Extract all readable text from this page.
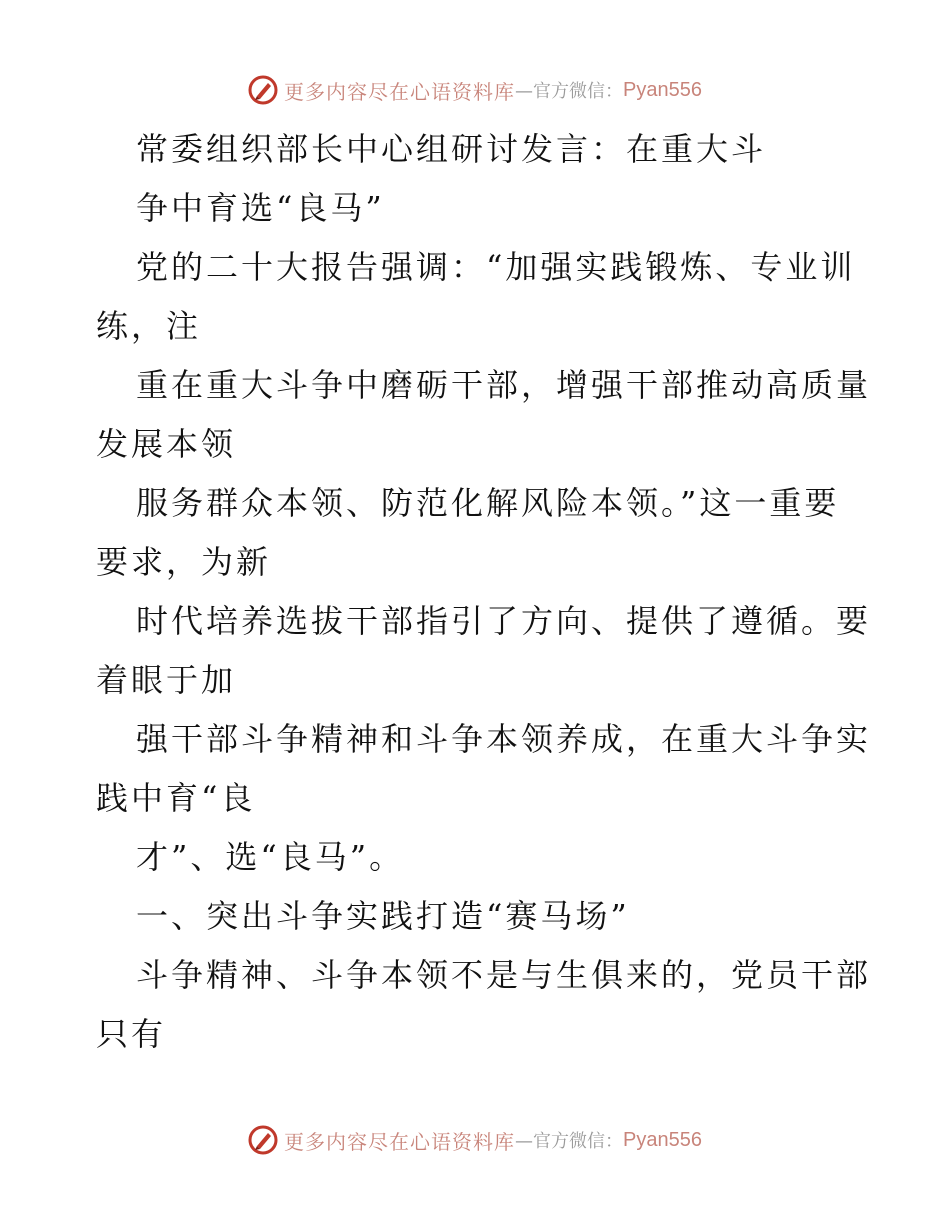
更多内容尽在心语资料库 —官方微信： Pyan556
常委组织部长中心组研讨发言：在重大斗
争中育选“良马”
党的二十大报告强调：“加强实践锻炼、专业训
练，注
重在重大斗争中磨砺干部，增强干部推动高质量
发展本领
服务群众本领、防范化解风险本领。”这一重要
要求，为新
时代培养选拔干部指引了方向、提供了遵循。要
着眼于加
强干部斗争精神和斗争本领养成，在重大斗争实
践中育“良
才”、选“良马”。
一、突出斗争实践打造“赛马场”
斗争精神、斗争本领不是与生俱来的，党员干部
只有
更多内容尽在心语资料库 —官方微信： Pyan556
